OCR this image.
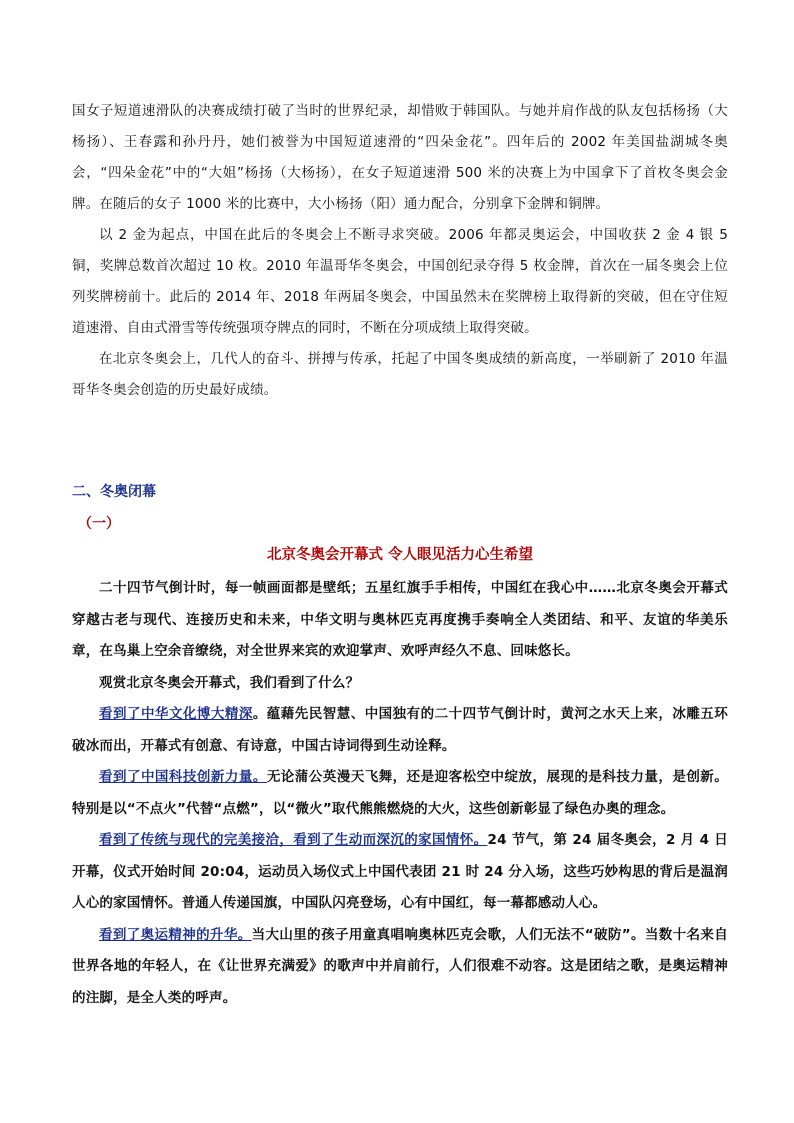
国女子短道速滑队的决赛成绩打破了当时的世界纪录，却惜败于韩国队。与她并肩作战的队友包括杨扬（大杨扬）、王春露和孙丹丹，她们被誉为中国短道速滑的“四朵金花”。四年后的 2002 年美国盐湖城冬奥会，“四朵金花”中的“大姐”杨扬（大杨扬），在女子短道速滑 500 米的决赛上为中国拿下了首枚冬奥会金牌。在随后的女子 1000 米的比赛中，大小杨扬（阳）通力配合，分别拿下金牌和铜牌。

以 2 金为起点，中国在此后的冬奥会上不断寻求突破。2006 年都灵奥运会，中国收获 2 金 4 银 5 铜，奖牌总数首次超过 10 枚。2010 年温哥华冬奥会，中国创纪录夺得 5 枚金牌，首次在一届冬奥会上位列奖牌榜前十。此后的 2014 年、2018 年两届冬奥会，中国虽然未在奖牌榜上取得新的突破，但在守住短道速滑、自由式滑雪等传统强项夺牌点的同时，不断在分项成绩上取得突破。

在北京冬奥会上，几代人的奋斗、拼搏与传承，托起了中国冬奥成绩的新高度，一举刷新了 2010 年温哥华冬奥会创造的历史最好成绩。

二、冬奥闭幕
（一）
北京冬奥会开幕式 令人眼见活力心生希望

二十四节气倒计时，每一帧画面都是壁纸；五星红旗手手相传，中国红在我心中……北京冬奥会开幕式穿越古老与现代、连接历史和未来，中华文明与奥林匹克再度携手奏响全人类团结、和平、友谊的华美乐章，在鸟巢上空余音缭绕，对全世界来宾的欢迎掌声、欢呼声经久不息、回味悠长。

观赏北京冬奥会开幕式，我们看到了什么？

看到了中华文化博大精深。蕴藉先民智慧、中国独有的二十四节气倒计时，黄河之水天上来，冰雕五环破冰而出，开幕式有创意、有诗意，中国古诗词得到生动诠释。

看到了中国科技创新力量。无论蒲公英漫天飞舞，还是迎客松空中绽放，展现的是科技力量，是创新。特别是以“不点火”代替“点燃”，以“微火”取代熊熊燃烧的大火，这些创新彰显了绿色办奥的理念。

看到了传统与现代的完美接洽，看到了生动而深沉的家国情怀。24 节气，第 24 届冬奥会，2 月 4 日开幕，仪式开始时间 20:04，运动员入场仪式上中国代表团 21 时 24 分入场，这些巧妙构思的背后是温润人心的家国情怀。普通人传递国旗，中国队闪亮登场，心有中国红，每一幕都感动人心。

看到了奥运精神的升华。当大山里的孩子用童真唱响奥林匹克会歌，人们无法不“破防”。当数十名来自世界各地的年轻人，在《让世界充满爱》的歌声中并肩前行，人们很难不动容。这是团结之歌，是奥运精神的注脚，是全人类的呼声。
